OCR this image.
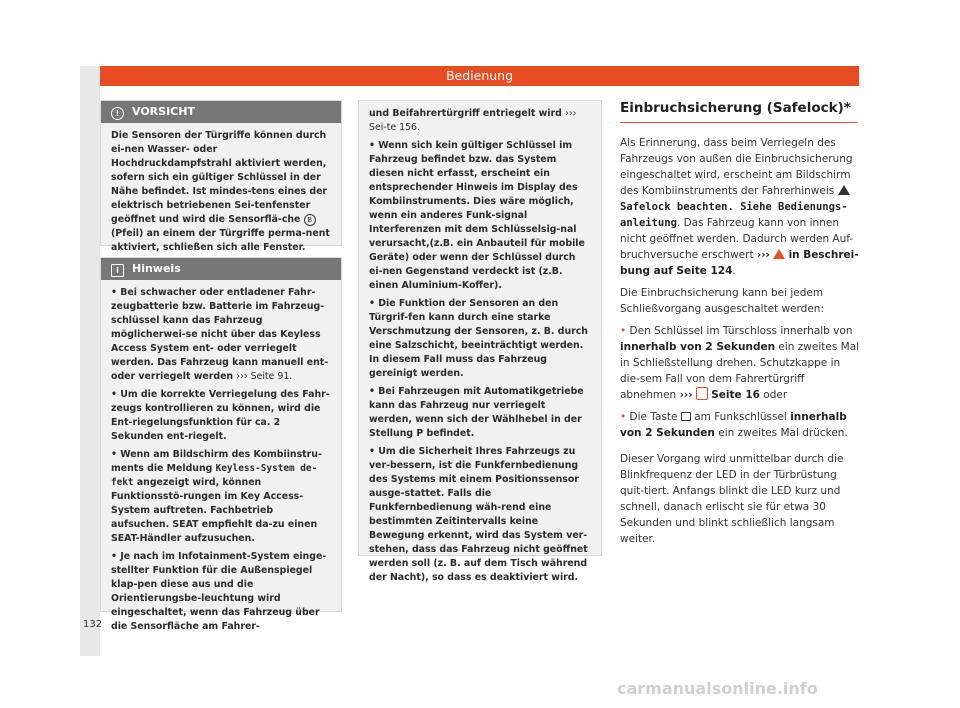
Bedienung
! VORSICHT
Die Sensoren der Türgriffe können durch ei-nen Wasser- oder Hochdruckdampfstrahl aktiviert werden, sofern sich ein gültiger Schlüssel in der Nähe befindet. Ist mindes-tens eines der elektrisch betriebenen Sei-tenfenster geöffnet und wird die Sensorflä-che B (Pfeil) an einem der Türgriffe perma-nent aktiviert, schließen sich alle Fenster.
i Hinweis

• Bei schwacher oder entladener Fahr-zeugbatterie bzw. Batterie im Fahrzeug-schlüssel kann das Fahrzeug möglicherwei-se nicht über das Keyless Access System ent- oder verriegelt werden. Das Fahrzeug kann manuell ent- oder verriegelt werden ››› Seite 91.

• Um die korrekte Verriegelung des Fahr-zeugs kontrollieren zu können, wird die Ent-riegelungsfunktion für ca. 2 Sekunden ent-riegelt.

• Wenn am Bildschirm des Kombiinstru-ments die Meldung Keyless-System de-fekt angezeigt wird, können Funktionsstö-rungen im Key Access-System auftreten. Fachbetrieb aufsuchen. SEAT empfiehlt da-zu einen SEAT-Händler aufzusuchen.

• Je nach im Infotainment-System einge-stellter Funktion für die Außenspiegel klap-pen diese aus und die Orientierungsbe-leuchtung wird eingeschaltet, wenn das Fahrzeug über die Sensorfläche am Fahrer-

und Beifahrertürgriff entriegelt wird ››› Sei-te 156.

• Wenn sich kein gültiger Schlüssel im Fahrzeug befindet bzw. das System diesen nicht erfasst, erscheint ein entsprechender Hinweis im Display des Kombiinstruments. Dies wäre möglich, wenn ein anderes Funk-signal Interferenzen mit dem Schlüsselsig-nal verursacht,(z.B. ein Anbauteil für mobile Geräte) oder wenn der Schlüssel durch ei-nen Gegenstand verdeckt ist (z.B. einen Aluminium-Koffer).

• Die Funktion der Sensoren an den Türgrif-fen kann durch eine starke Verschmutzung der Sensoren, z. B. durch eine Salzschicht, beeinträchtigt werden. In diesem Fall muss das Fahrzeug gereinigt werden.

• Bei Fahrzeugen mit Automatikgetriebe kann das Fahrzeug nur verriegelt werden, wenn sich der Wählhebel in der Stellung P befindet.

• Um die Sicherheit Ihres Fahrzeugs zu ver-bessern, ist die Funkfernbedienung des Systems mit einem Positionssensor ausge-stattet. Falls die Funkfernbedienung wäh-rend eine bestimmten Zeitintervalls keine Bewegung erkennt, wird das System ver-stehen, dass das Fahrzeug nicht geöffnet werden soll (z. B. auf dem Tisch während der Nacht), so dass es deaktiviert wird.

Einbruchsicherung (Safelock)*

Als Erinnerung, dass beim Verriegeln des Fahrzeugs von außen die Einbruchsicherung eingeschaltet wird, erscheint am Bildschirm des Kombiinstruments der Fahrerhinweis  Safelock beachten. Siehe Bedienungs-anleitung. Das Fahrzeug kann von innen nicht geöffnet werden. Dadurch werden Auf-bruchversuche erschwert ››› in Beschrei-bung auf Seite 124.

Die Einbruchsicherung kann bei jedem Schließvorgang ausgeschaltet werden:

• Den Schlüssel im Türschloss innerhalb von innerhalb von 2 Sekunden ein zweites Mal in Schließstellung drehen. Schutzkappe in die-sem Fall von dem Fahrertürgriff abnehmen ››› Seite 16 oder

• Die Taste am Funkschlüssel innerhalb von 2 Sekunden ein zweites Mal drücken.

Dieser Vorgang wird unmittelbar durch die Blinkfrequenz der LED in der Türbrüstung quit-tiert. Anfangs blinkt die LED kurz und schnell, danach erlischt sie für etwa 30 Sekunden und blinkt schließlich langsam weiter.

132
carmanualsonline.info
